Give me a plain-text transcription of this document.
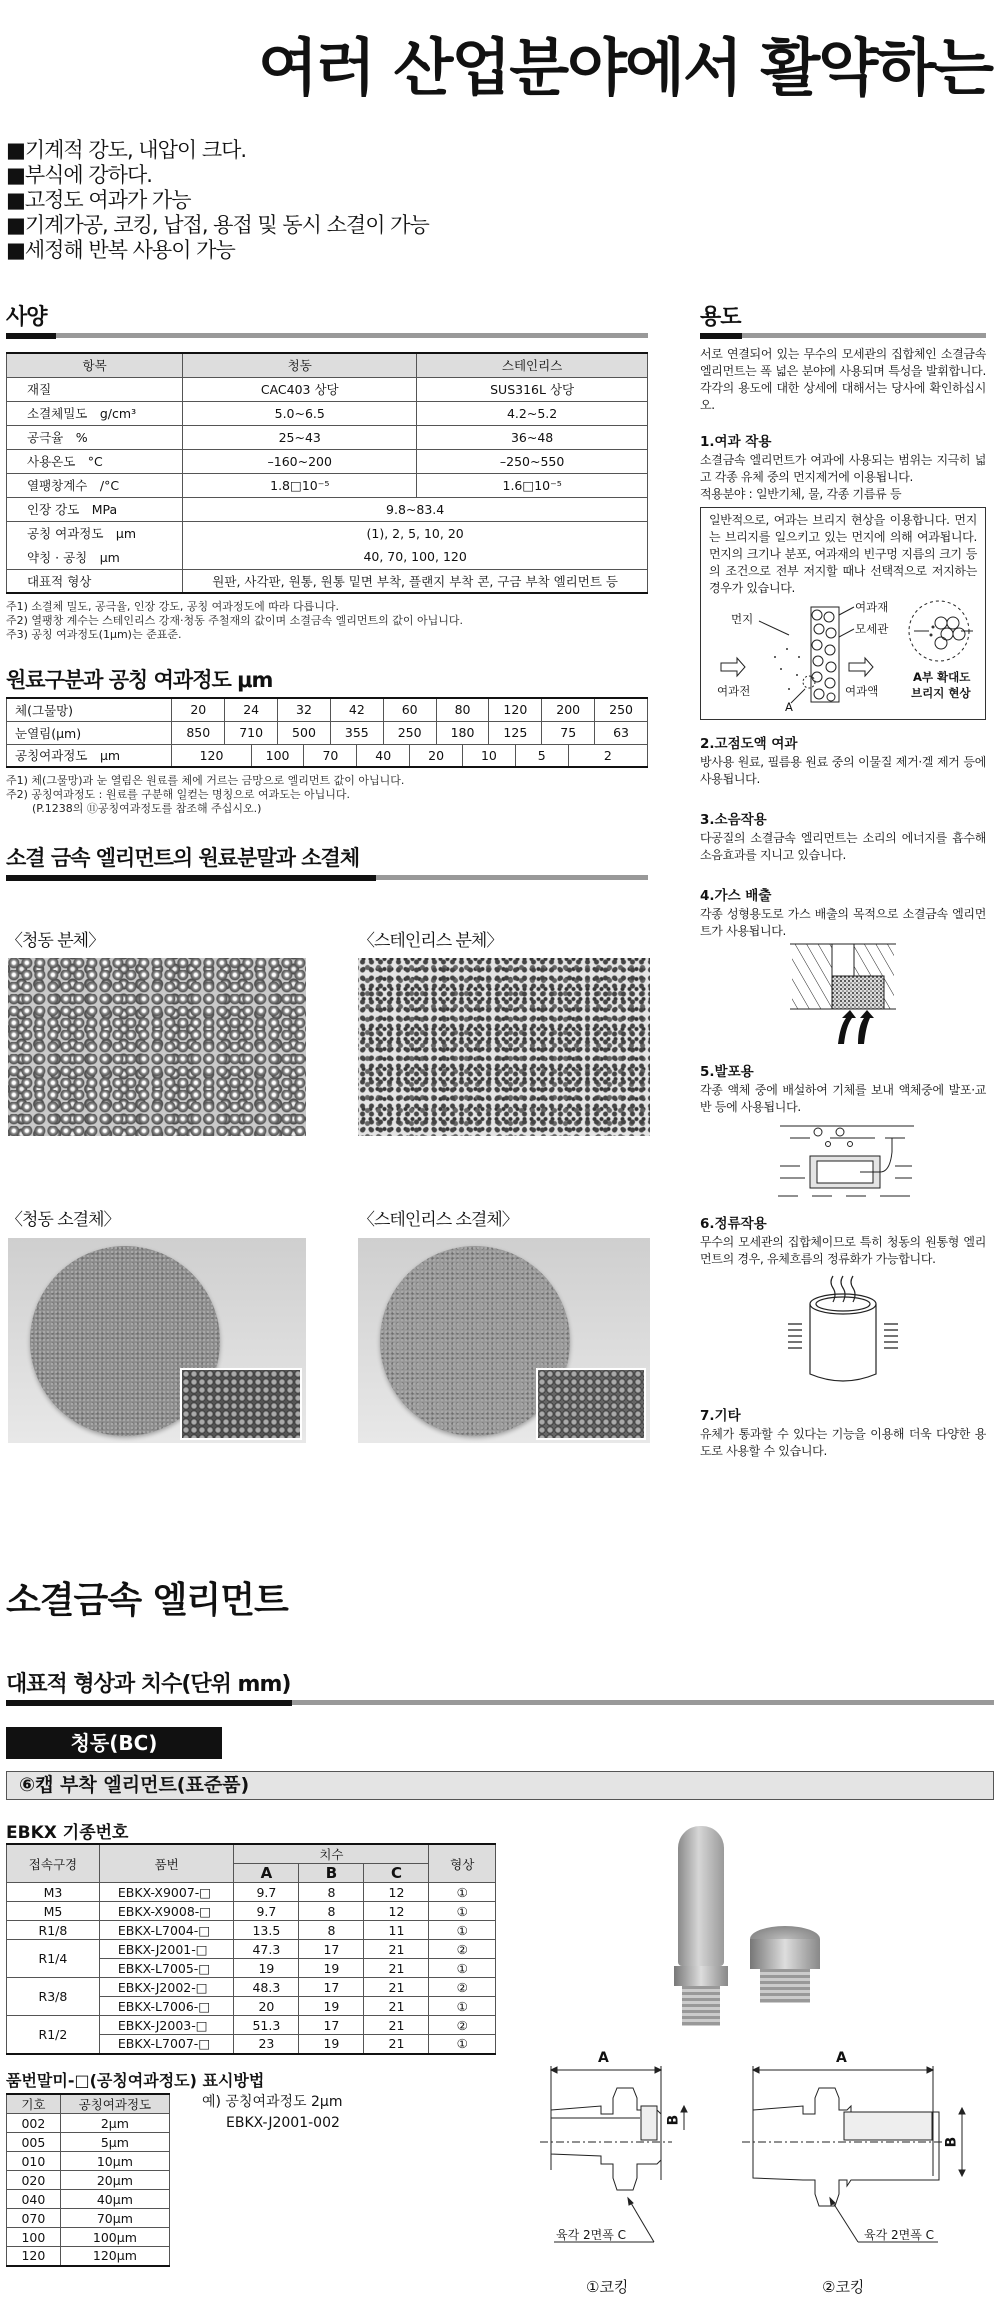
여러 산업분야에서 활약하는
■기계적 강도, 내압이 크다.
■부식에 강하다.
■고정도 여과가 가능
■기계가공, 코킹, 납접, 용접 및 동시 소결이 가능
■세정해 반복 사용이 가능
사양
항목	청동	스테인리스
재질	CAC403 상당	SUS316L 상당
소결체밀도　g/cm³	5.0~6.5	4.2~5.2
공극율　%	25~43	36~48
사용온도　°C	–160~200	–250~550
열팽창계수　/°C	1.8□10⁻⁵	1.6□10⁻⁵
인장 강도　MPa	9.8~83.4	
공칭 여과정도　μm	(1), 2, 5, 10, 20	
약칭 · 공칭　μm	40, 70, 100, 120	
대표적 형상	원판, 사각판, 원통, 원통 밑면 부착, 플랜지 부착 콘, 구금 부착 엘리먼트 등	
주1) 소결체 밀도, 공극율, 인장 강도, 공칭 여과정도에 따라 다릅니다.
주2) 열팽창 계수는 스테인리스 강재·청동 주철재의 값이며 소결금속 엘리먼트의 값이 아닙니다.
주3) 공칭 여과정도(1μm)는 준표준.
원료구분과 공칭 여과정도 μm
체(그물망)	20	24		32		42		60		80		120		200		250
눈열림(μm)	850	710		500		355		250		180		125		75		63
공칭여과정도　μm	120		100		70		40		20		10		5		2	
주1) 체(그물망)과 눈 열림은 원료를 체에 거르는 금망으로 엘리먼트 값이 아닙니다.
주2) 공칭여과정도 : 원료를 구분해 일컫는 명칭으로 여과도는 아닙니다.
(P.1238의 ⑪공칭여과정도를 참조해 주십시오.)
소결 금속 엘리먼트의 원료분말과 소결체
〈청동 분체〉	〈스테인리스 분체〉
〈청동 소결체〉	〈스테인리스 소결체〉
용도

서로 연결되어 있는 무수의 모세관의 집합체인 소결금속 엘리먼트는 폭 넓은 분야에 사용되며 특성을 발휘합니다. 각각의 용도에 대한 상세에 대해서는 당사에 확인하십시오.

1.여과 작용

소결금속 엘리먼트가 여과에 사용되는 범위는 지극히 넓고 각종 유체 중의 먼지제거에 이용됩니다.

적용분야 : 일반기체, 물, 각종 기름류 등

일반적으로, 여과는 브리지 현상을 이용합니다. 먼지는 브리지를 일으키고 있는 먼지에 의해 여과됩니다. 먼지의 크기나 분포, 여과재의 빈구멍 지름의 크기 등의 조건으로 전부 저지할 때나 선택적으로 저지하는 경우가 있습니다.

먼지
여과재
모세관
여과전	여과액
A
A부 확대도
브리지 현상
2.고점도액 여과

방사용 원료, 필름용 원료 중의 이물질 제거·겔 제거 등에 사용됩니다.

3.소음작용

다공질의 소결금속 엘리먼트는 소리의 에너지를 흡수해 소음효과를 지니고 있습니다.

4.가스 배출

각종 성형용도로 가스 배출의 목적으로 소결금속 엘리먼트가 사용됩니다.

5.발포용

각종 액체 중에 배설하여 기체를 보내 액체중에 발포·교반 등에 사용됩니다.

6.정류작용

무수의 모세관의 집합체이므로 특히 청동의 원통형 엘리먼트의 경우, 유체흐름의 정류화가 가능합니다.

7.기타

유체가 통과할 수 있다는 기능을 이용해 더욱 다양한 용도로 사용할 수 있습니다.

소결금속 엘리먼트
대표적 형상과 치수(단위 mm)
청동(BC)
⑥캡 부착 엘리먼트(표준품)
EBKX 기종번호
접속구경	품번	치수			형상
		A	B	C	
M3	EBKX-X9007-□	9.7	8	12	①
M5	EBKX-X9008-□	9.7	8	12	①
R1/8	EBKX-L7004-□	13.5	8	11	①
R1/4	EBKX-J2001-□	47.3	17	21	②
	EBKX-L7005-□	19	19	21	①
R3/8	EBKX-J2002-□	48.3	17	21	②
	EBKX-L7006-□	20	19	21	①
R1/2	EBKX-J2003-□	51.3	17	21	②
	EBKX-L7007-□	23	19	21	①
품번말미-□(공칭여과정도) 표시방법
기호	공칭여과정도
002	2μm
005	5μm
010	10μm
020	20μm
040	40μm
070	70μm
100	100μm
120	120μm
예) 공칭여과정도 2μm
EBKX-J2001-002
A
B
육각 2면폭 C
①코킹
A
B
육각 2면폭 C
②코킹
